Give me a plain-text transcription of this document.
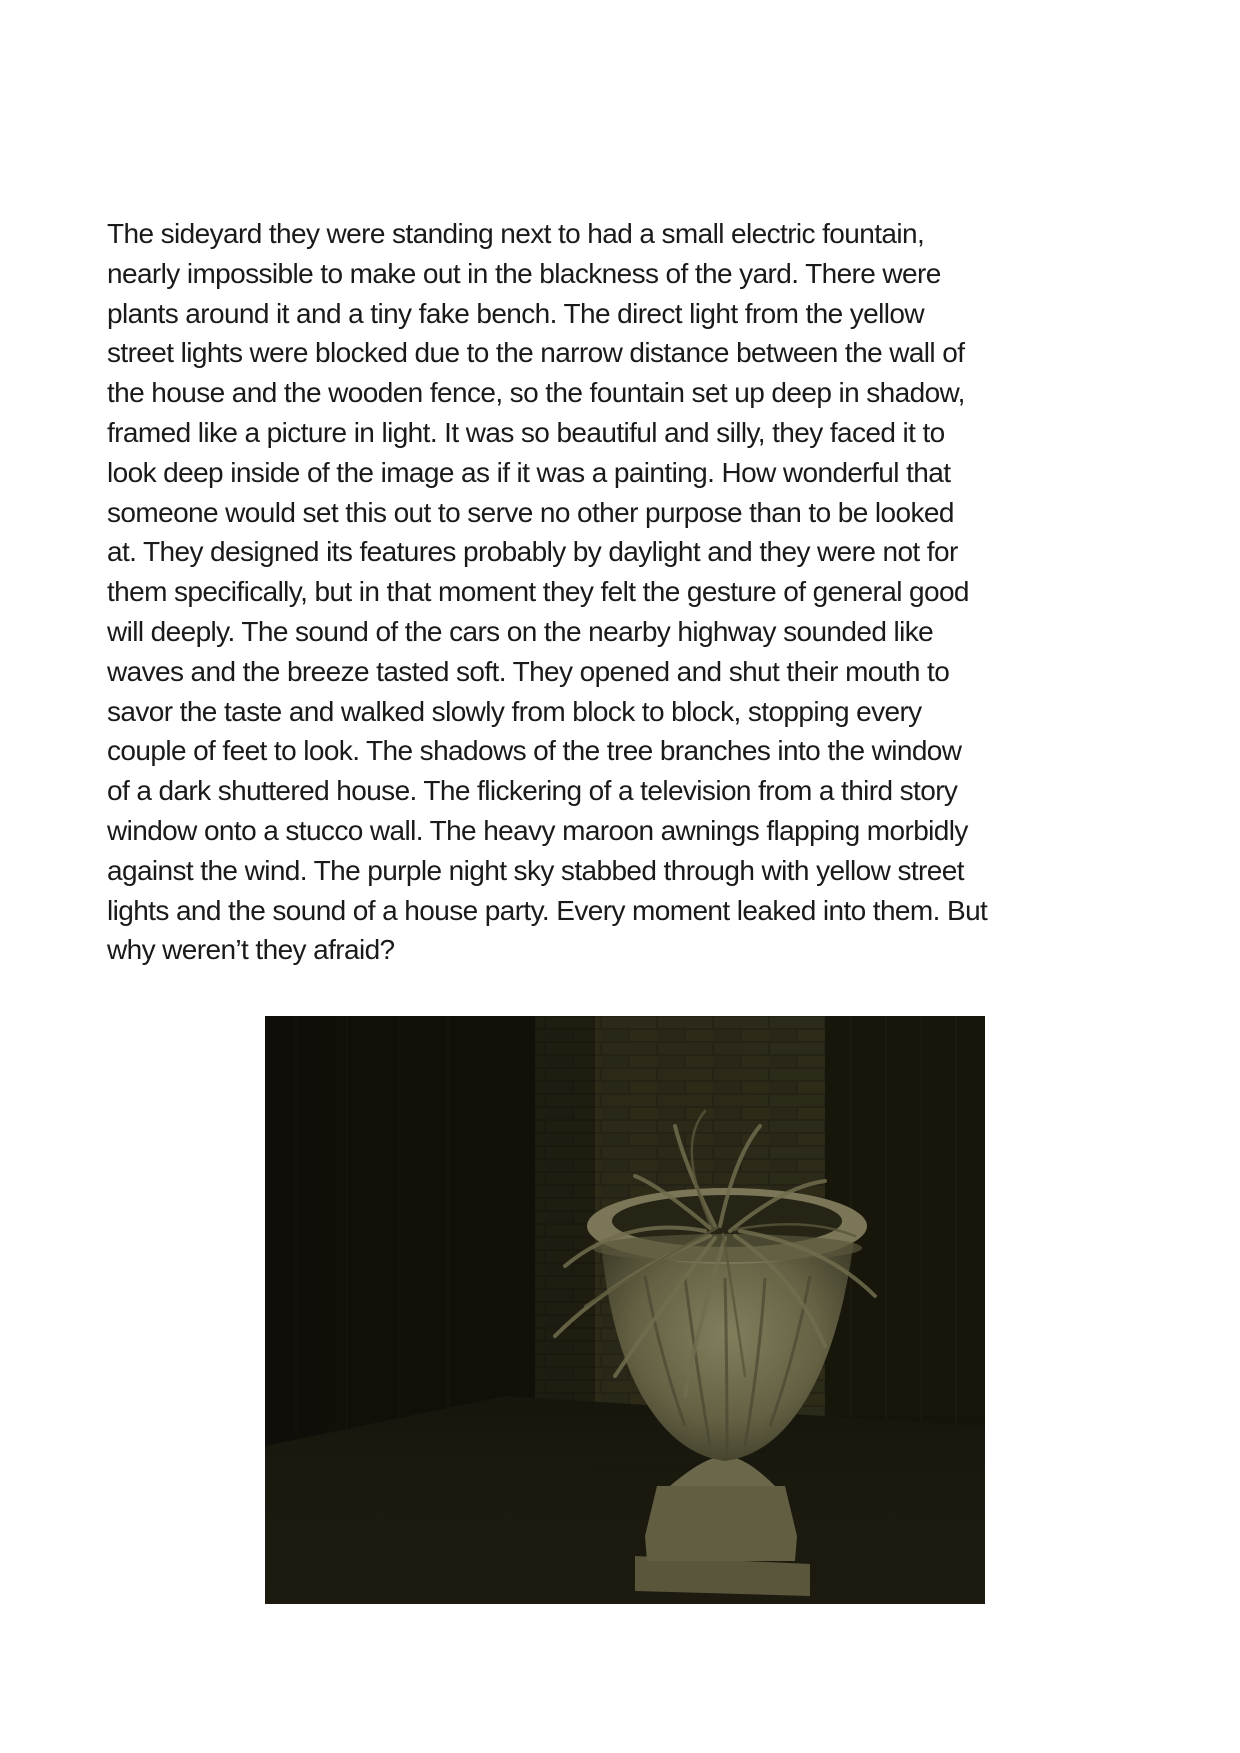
The sideyard they were standing next to had a small electric fountain,
nearly impossible to make out in the blackness of the yard. There were
plants around it and a tiny fake bench. The direct light from the yellow
street lights were blocked due to the narrow distance between the wall of
the house and the wooden fence, so the fountain set up deep in shadow,
framed like a picture in light. It was so beautiful and silly, they faced it to
look deep inside of the image as if it was a painting. How wonderful that
someone would set this out to serve no other purpose than to be looked
at. They designed its features probably by daylight and they were not for
them specifically, but in that moment they felt the gesture of general good
will deeply. The sound of the cars on the nearby highway sounded like
waves and the breeze tasted soft. They opened and shut their mouth to
savor the taste and walked slowly from block to block, stopping every
couple of feet to look. The shadows of the tree branches into the window
of a dark shuttered house. The flickering of a television from a third story
window onto a stucco wall. The heavy maroon awnings flapping morbidly
against the wind. The purple night sky stabbed through with yellow street
lights and the sound of a house party. Every moment leaked into them. But
why weren’t they afraid?
